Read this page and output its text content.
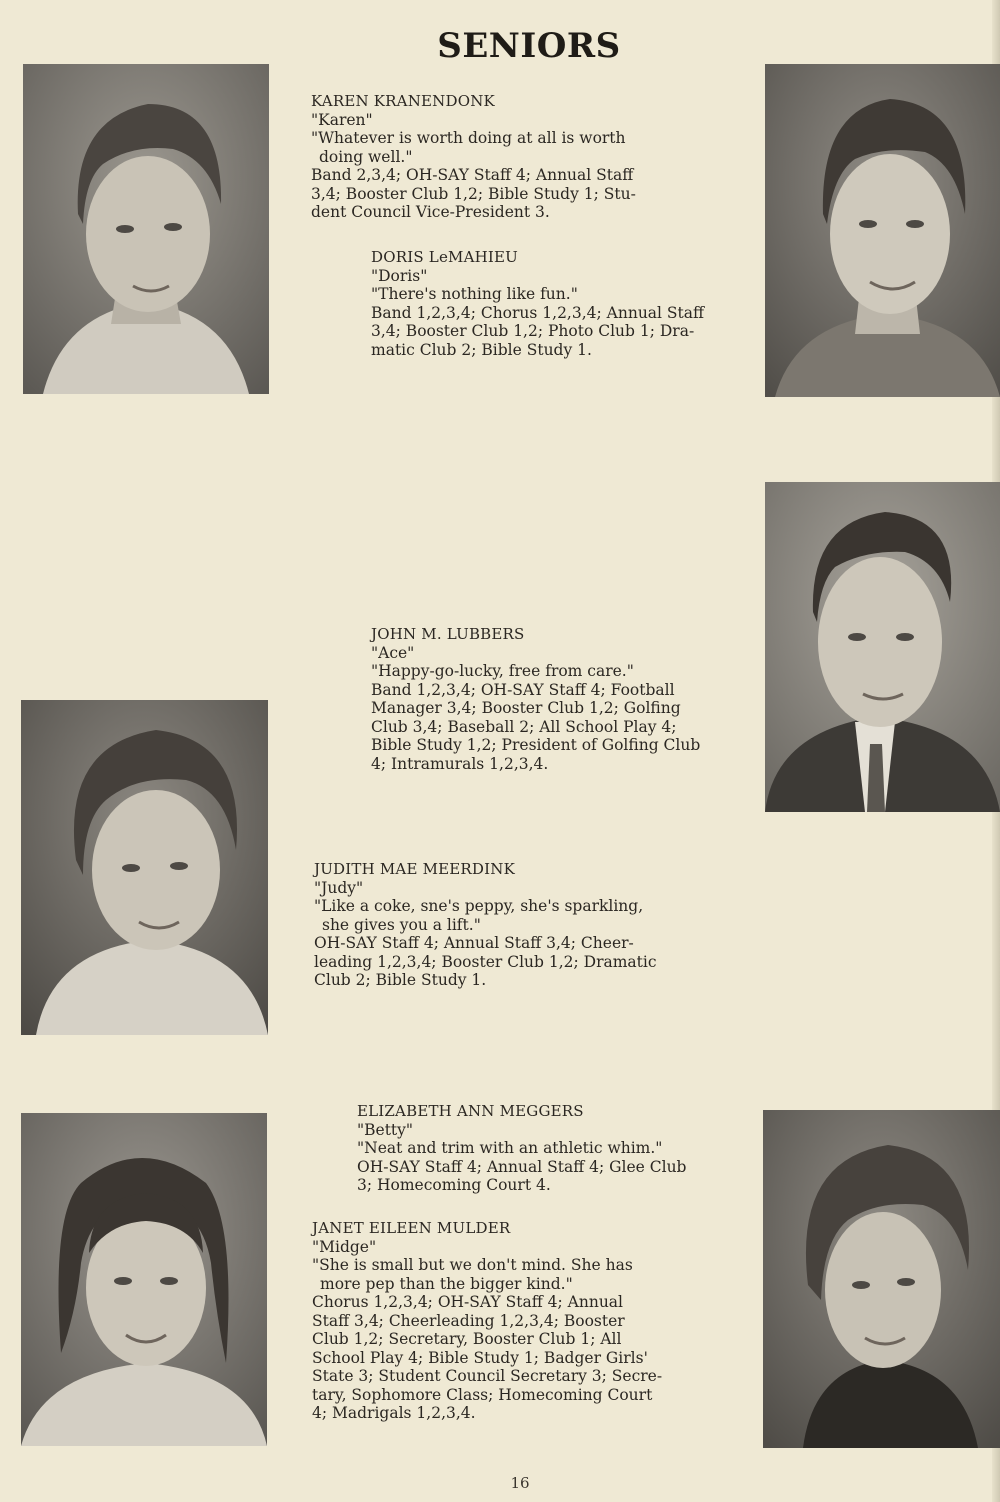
SENIORS
KAREN KRANENDONK
"Karen"
"Whatever is worth doing at all is worth
doing well."
Band 2,3,4; OH-SAY Staff 4; Annual Staff
3,4; Booster Club 1,2; Bible Study 1; Stu-
dent Council Vice-President 3.
DORIS LeMAHIEU
"Doris"
"There's nothing like fun."
Band 1,2,3,4; Chorus 1,2,3,4; Annual Staff
3,4; Booster Club 1,2; Photo Club 1; Dra-
matic Club 2; Bible Study 1.
JOHN M. LUBBERS
"Ace"
"Happy-go-lucky, free from care."
Band 1,2,3,4; OH-SAY Staff 4; Football
Manager 3,4; Booster Club 1,2; Golfing
Club 3,4; Baseball 2; All School Play 4;
Bible Study 1,2; President of Golfing Club
4; Intramurals 1,2,3,4.
JUDITH MAE MEERDINK
"Judy"
"Like a coke, sne's peppy, she's sparkling,
she gives you a lift."
OH-SAY Staff 4; Annual Staff 3,4; Cheer-
leading 1,2,3,4; Booster Club 1,2; Dramatic
Club 2; Bible Study 1.
ELIZABETH ANN MEGGERS
"Betty"
"Neat and trim with an athletic whim."
OH-SAY Staff 4; Annual Staff 4; Glee Club
3; Homecoming Court 4.
JANET EILEEN MULDER
"Midge"
"She is small but we don't mind. She has
more pep than the bigger kind."
Chorus 1,2,3,4; OH-SAY Staff 4; Annual
Staff 3,4; Cheerleading 1,2,3,4; Booster
Club 1,2; Secretary, Booster Club 1; All
School Play 4; Bible Study 1; Badger Girls'
State 3; Student Council Secretary 3; Secre-
tary, Sophomore Class; Homecoming Court
4; Madrigals 1,2,3,4.
16
